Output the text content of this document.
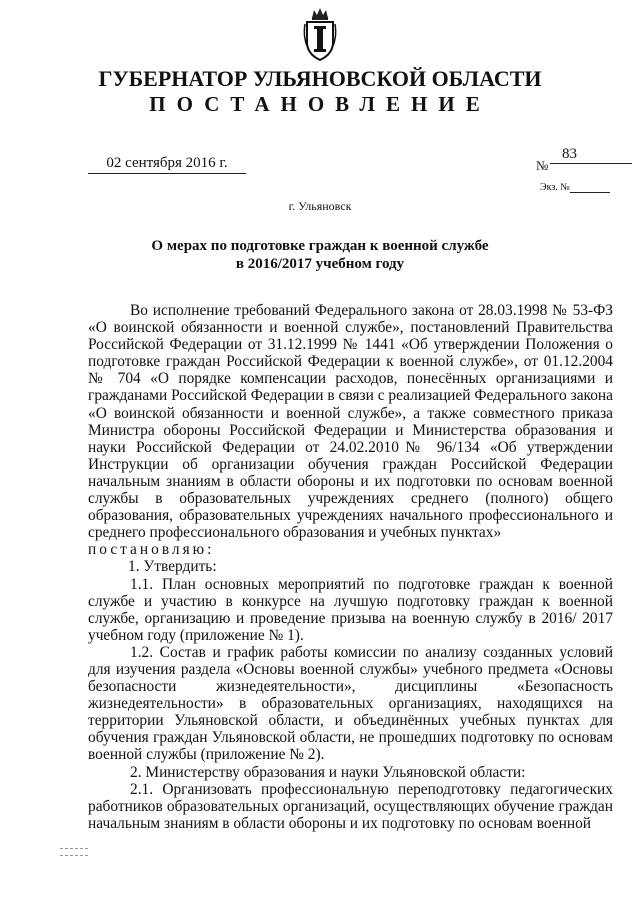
ГУБЕРНАТОР УЛЬЯНОВСКОЙ ОБЛАСТИ
ПОСТАНОВЛЕНИЕ
02 сентября 2016 г.	№
83
Экз. №
г. Ульяновск
О мерах по подготовке граждан к военной службе
в 2016/2017 учебном году

Во исполнение требований Федерального закона от 28.03.1998 № 53-ФЗ «О воинской обязанности и военной службе», постановлений Правительства Российской Федерации от 31.12.1999 № 1441 «Об утверждении Положения о подготовке граждан Российской Федерации к военной службе», от 01.12.2004 № 704 «О порядке компенсации расходов, понесённых организациями и гражданами Российской Федерации в связи с реализацией Федерального закона «О воинской обязанности и военной службе», а также совместного приказа Министра обороны Российской Федерации и Министерства образования и науки Российской Федерации от 24.02.2010№ 96/134 «Об утверждении Инструкции об организации обучения граждан Российской Федерации начальным знаниям в области обороны и их подготовки по основам военной службы в образовательных учреждениях среднего (полного) общего образования, образовательных учреждениях начального профессионального и среднего профессионального образования и учебных пунктах»

постановляю:

1. Утвердить:

1.1. План основных мероприятий по подготовке граждан к военной службе и участию в конкурсе на лучшую подготовку граждан к военной службе, организацию и проведение призыва на военную службу в 2016/ 2017 учебном году (приложение № 1).

1.2. Состав и график работы комиссии по анализу созданных условий для изучения раздела «Основы военной службы» учебного предмета «Основы безопасности жизнедеятельности», дисциплины «Безопасность жизнедеятельности» в образовательных организациях, находящихся на территории Ульяновской области, и объединённых учебных пунктах для обучения граждан Ульяновской области, не прошедших подготовку по основам военной службы (приложение № 2).

2. Министерству образования и науки Ульяновской области:

2.1. Организовать профессиональную переподготовку педагогических работников образовательных организаций, осуществляющих обучение граждан начальным знаниям в области обороны и их подготовку по основам военной
